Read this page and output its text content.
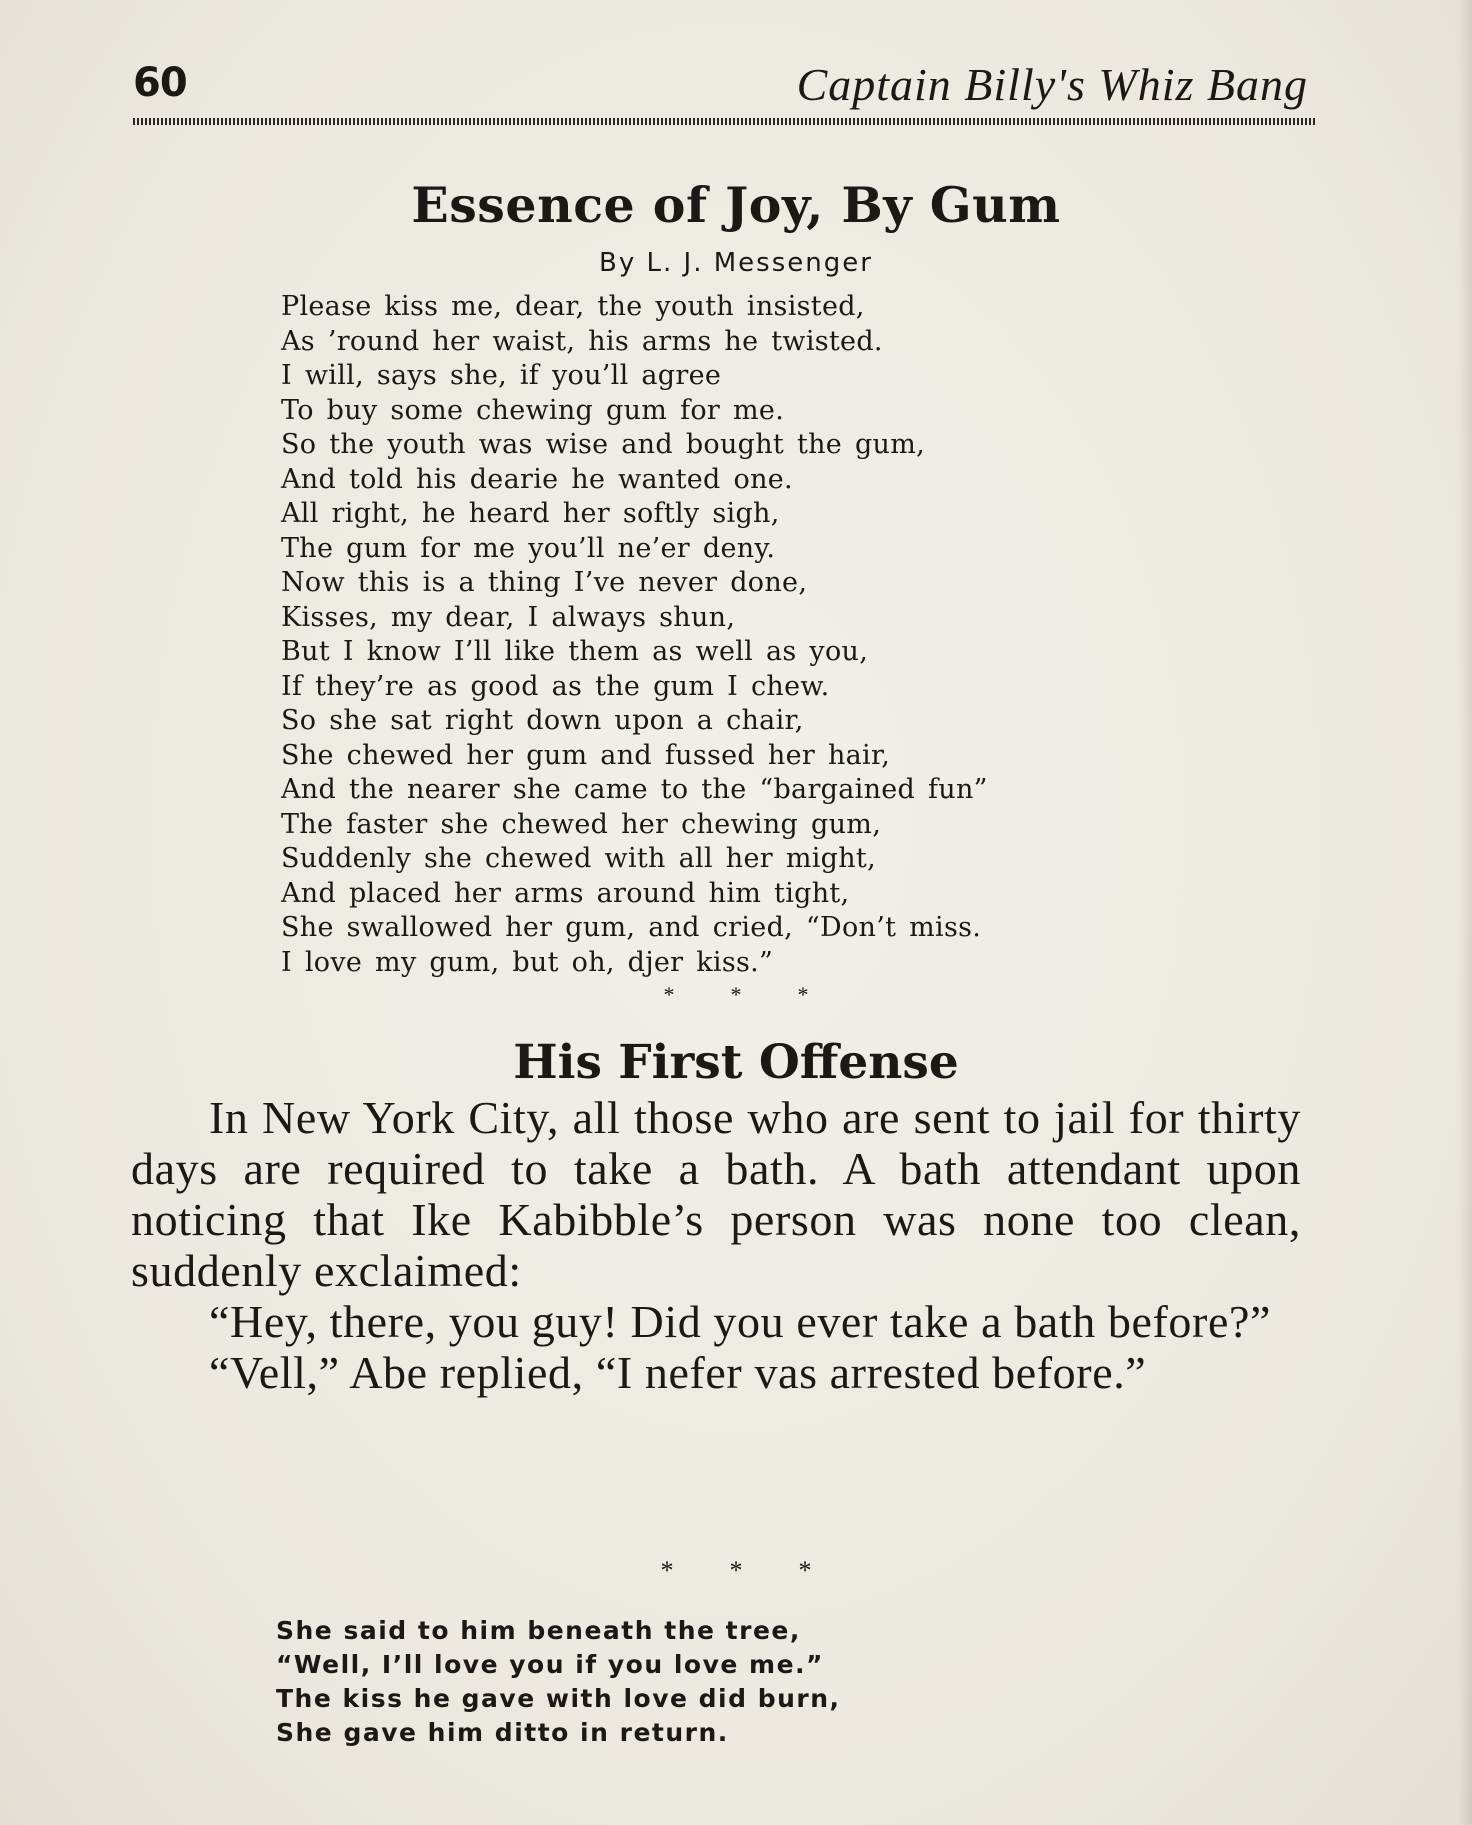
60	Captain Billy's Whiz Bang
Essence of Joy, By Gum
By L. J. Messenger
Please kiss me, dear, the youth insisted,
As ’round her waist, his arms he twisted.
I will, says she, if you’ll agree
To buy some chewing gum for me.
So the youth was wise and bought the gum,
And told his dearie he wanted one.
All right, he heard her softly sigh,
The gum for me you’ll ne’er deny.
Now this is a thing I’ve never done,
Kisses, my dear, I always shun,
But I know I’ll like them as well as you,
If they’re as good as the gum I chew.
So she sat right down upon a chair,
She chewed her gum and fussed her hair,
And the nearer she came to the “bargained fun”
The faster she chewed her chewing gum,
Suddenly she chewed with all her might,
And placed her arms around him tight,
She swallowed her gum, and cried, “Don’t miss.
I love my gum, but oh, djer kiss.”
*	*	*
His First Offense

In New York City, all those who are sent to jail for thirty days are required to take a bath. A bath attendant upon noticing that Ike Kabibble’s person was none too clean, suddenly exclaimed:

“Hey, there, you guy! Did you ever take a bath before?”

“Vell,” Abe replied, “I nefer vas arrested before.”

* * *
She said to him beneath the tree,
“Well, I’ll love you if you love me.”
The kiss he gave with love did burn,
She gave him ditto in return.
